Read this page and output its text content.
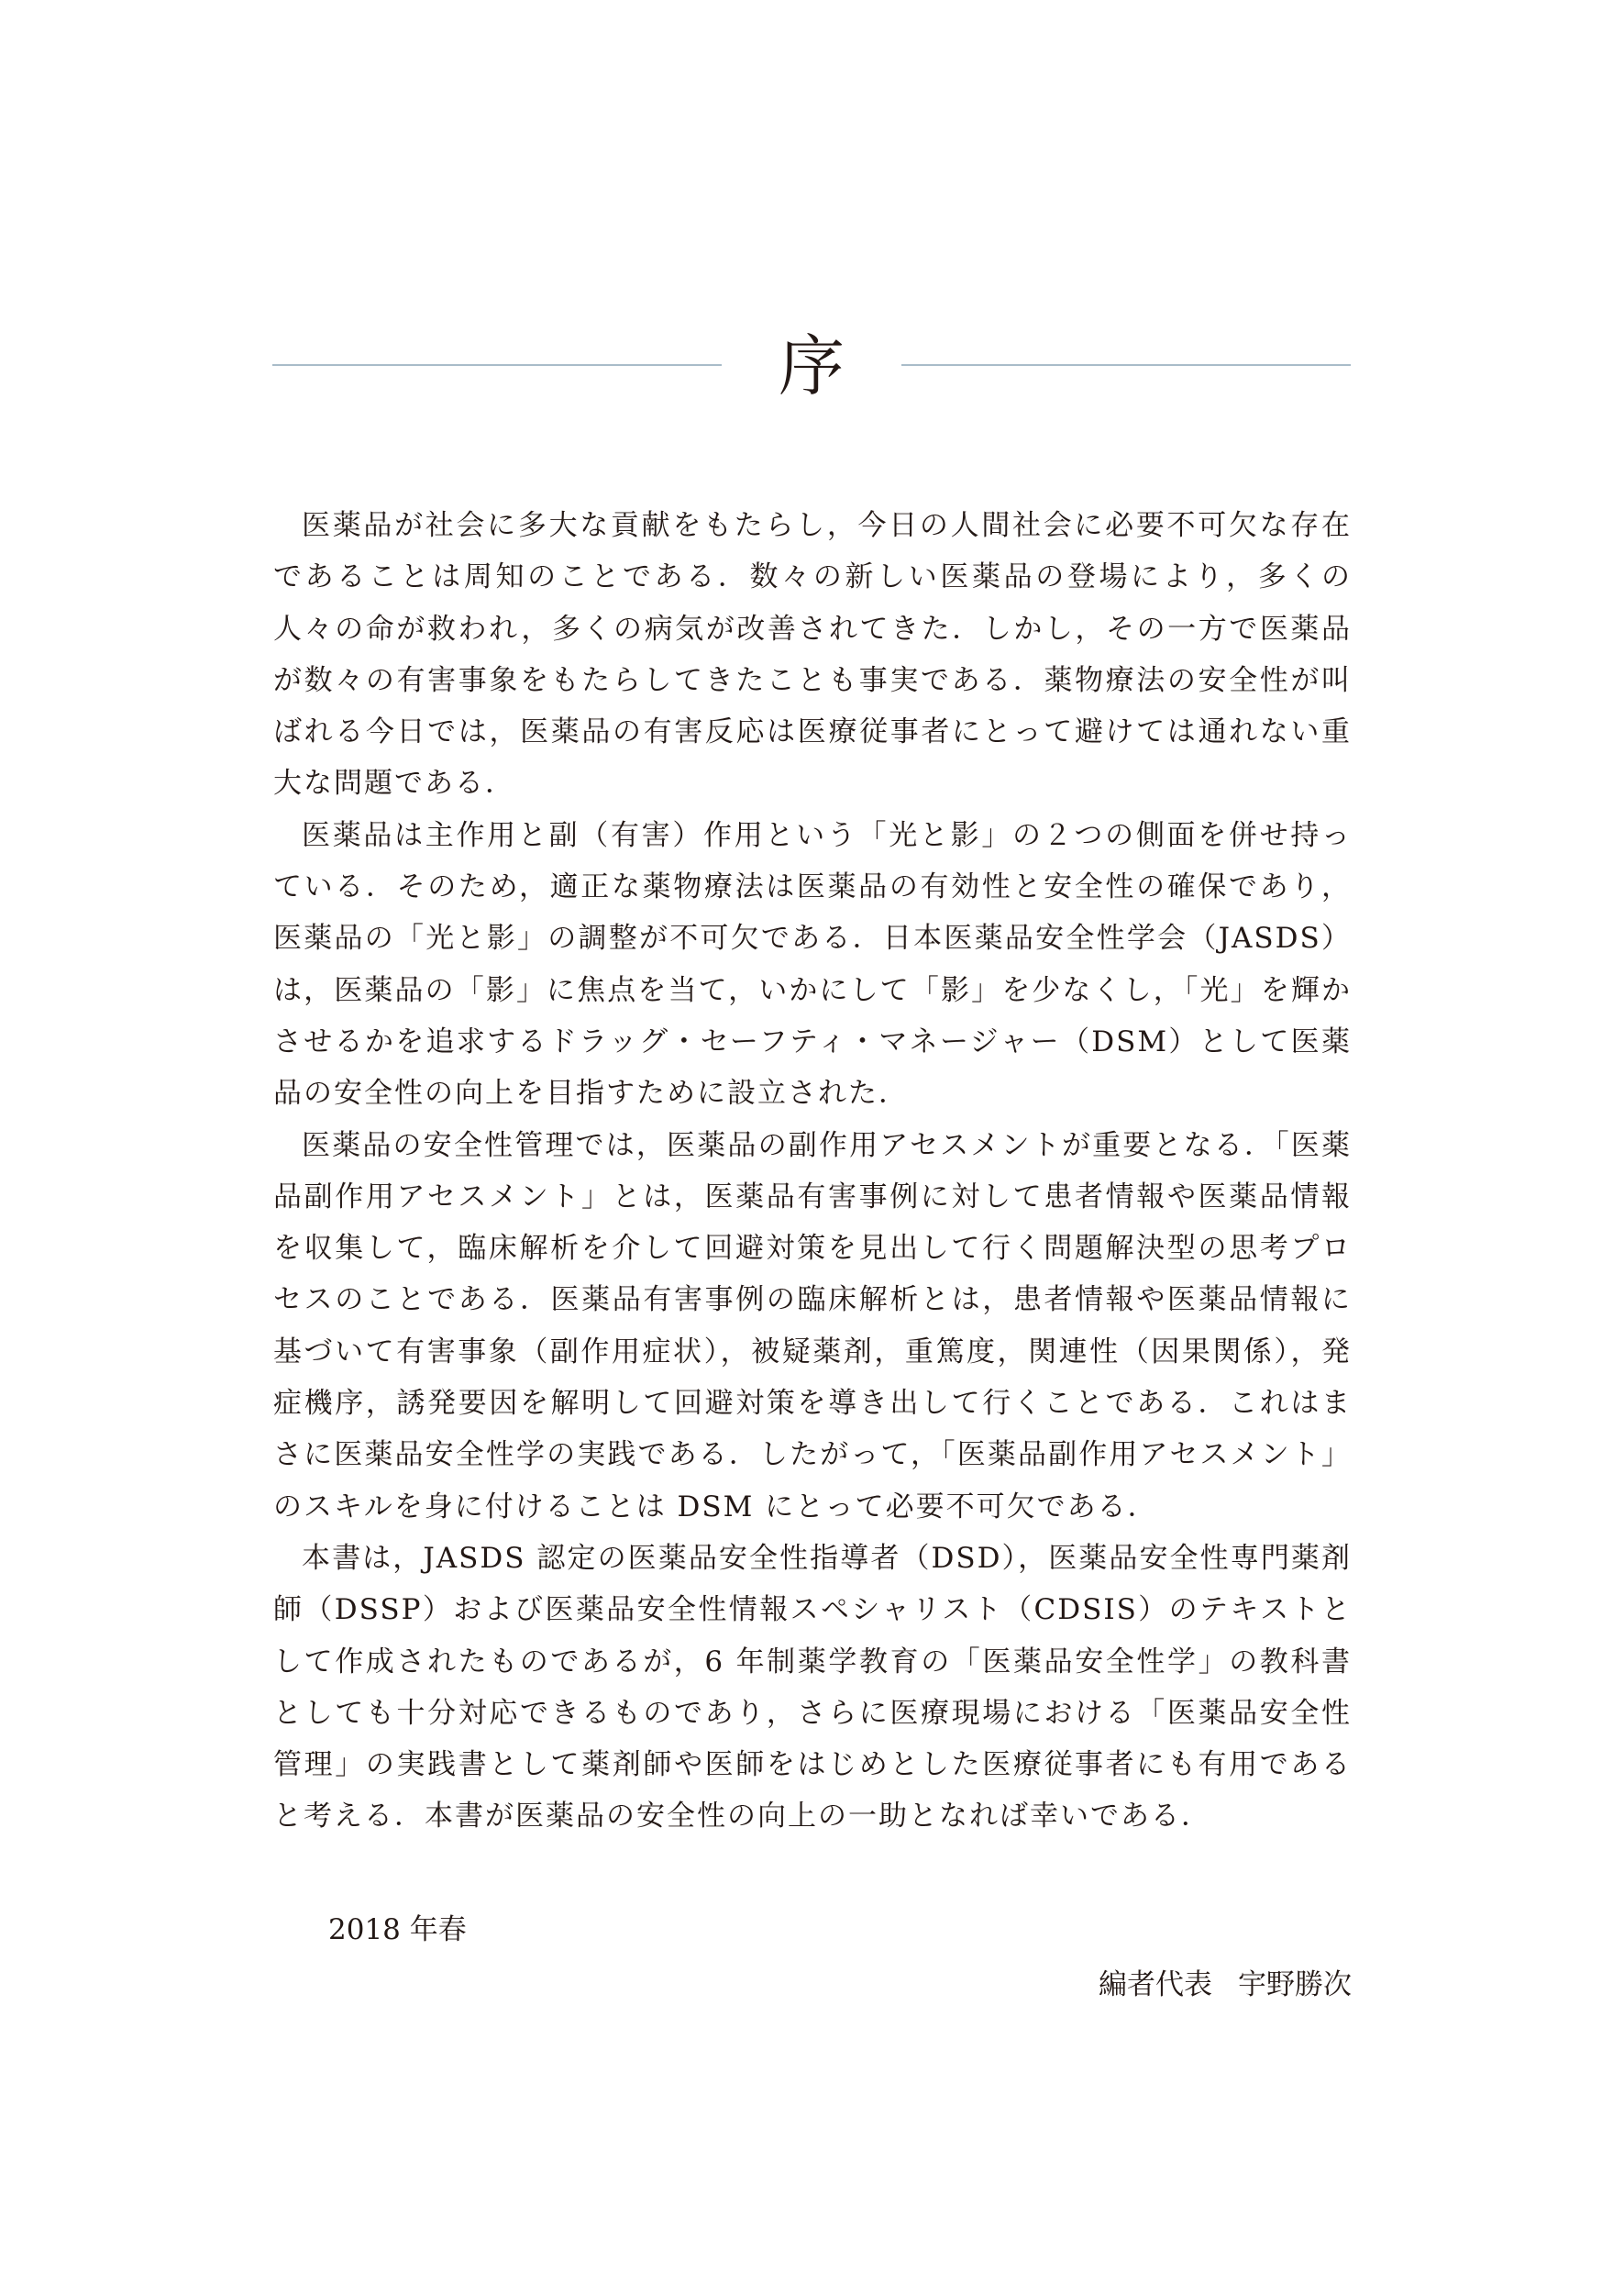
序

医薬品が社会に多大な貢献をもたらし，今日の人間社会に必要不可欠な存在であることは周知のことである．数々の新しい医薬品の登場により，多くの人々の命が救われ，多くの病気が改善されてきた．しかし，その一方で医薬品が数々の有害事象をもたらしてきたことも事実である．薬物療法の安全性が叫ばれる今日では，医薬品の有害反応は医療従事者にとって避けては通れない重大な問題である．

医薬品は主作用と副（有害）作用という「光と影」の２つの側面を併せ持っている．そのため，適正な薬物療法は医薬品の有効性と安全性の確保であり，医薬品の「光と影」の調整が不可欠である．日本医薬品安全性学会（JASDS）は，医薬品の「影」に焦点を当て，いかにして「影」を少なくし，「光」を輝かさせるかを追求するドラッグ・セーフティ・マネージャー（DSM）として医薬品の安全性の向上を目指すために設立された．

医薬品の安全性管理では，医薬品の副作用アセスメントが重要となる．「医薬品副作用アセスメント」とは，医薬品有害事例に対して患者情報や医薬品情報を収集して，臨床解析を介して回避対策を見出して行く問題解決型の思考プロセスのことである．医薬品有害事例の臨床解析とは，患者情報や医薬品情報に基づいて有害事象（副作用症状），被疑薬剤，重篤度，関連性（因果関係），発症機序，誘発要因を解明して回避対策を導き出して行くことである．これはまさに医薬品安全性学の実践である．したがって，「医薬品副作用アセスメント」のスキルを身に付けることは DSM にとって必要不可欠である．

本書は，JASDS 認定の医薬品安全性指導者（DSD），医薬品安全性専門薬剤師（DSSP）および医薬品安全性情報スペシャリスト（CDSIS）のテキストとして作成されたものであるが，6 年制薬学教育の「医薬品安全性学」の教科書としても十分対応できるものであり，さらに医療現場における「医薬品安全性管理」の実践書として薬剤師や医師をはじめとした医療従事者にも有用であると考える．本書が医薬品の安全性の向上の一助となれば幸いである．

2018 年春
編者代表 宇野勝次
